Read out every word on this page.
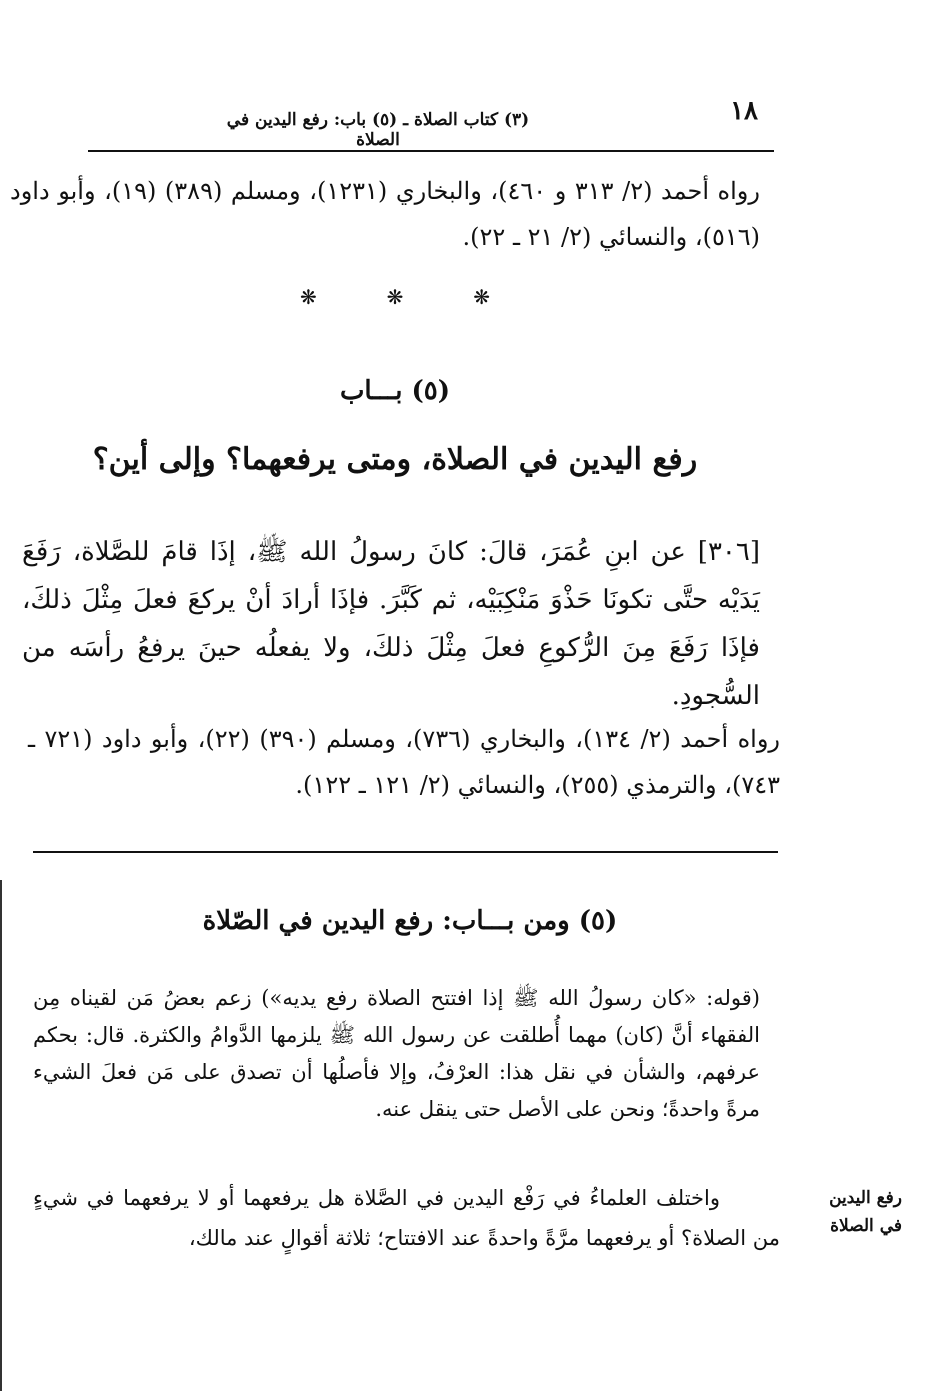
١٨
(٣) كتاب الصلاة ـ (٥) باب: رفع اليدين في الصلاة
رواه أحمد (٢/ ٣١٣ و ٤٦٠)، والبخاري (١٢٣١)، ومسلم (٣٨٩) (١٩)، وأبو داود (٥١٦)، والنسائي (٢/ ٢١ ـ ٢٢).
❋
❋
❋
(٥) بـــاب
رفع اليدين في الصلاة، ومتى يرفعهما؟ وإلى أين؟
[٣٠٦] عن ابنِ عُمَرَ، قالَ: كانَ رسولُ الله ﷺ، إذَا قامَ للصَّلاة، رَفَعَ يَدَيْه حتَّى تكونَا حَذْوَ مَنْكِبَيْه، ثم كَبَّرَ. فإذَا أرادَ أنْ يركعَ فعلَ مِثْلَ ذلكَ، فإذَا رَفَعَ مِنَ الرُّكوعِ فعلَ مِثْلَ ذلكَ، ولا يفعلُه حينَ يرفعُ رأسَه من السُّجودِ.
رواه أحمد (٢/ ١٣٤)، والبخاري (٧٣٦)، ومسلم (٣٩٠) (٢٢)، وأبو داود (٧٢١ ـ ٧٤٣)، والترمذي (٢٥٥)، والنسائي (٢/ ١٢١ ـ ١٢٢).
(٥) ومن بـــاب: رفع اليدين في الصّلاة
(قوله: «كان رسولُ الله ﷺ إذا افتتح الصلاة رفع يديه») زعم بعضُ مَن لقيناه مِن الفقهاء أنَّ (كان) مهما أُطلقت عن رسول الله ﷺ يلزمها الدَّوامُ والكثرة. قال: بحكم عرفهم، والشأن في نقل هذا: العرْفُ، وإلا فأصلُها أن تصدق على مَن فعلَ الشيء مرةً واحدةً؛ ونحن على الأصل حتى ينقل عنه.
واختلف العلماءُ في رَفْع اليدين في الصَّلاة هل يرفعهما أو لا يرفعهما في شيءٍ من الصلاة؟ أو يرفعهما مرَّةً واحدةً عند الافتتاح؛ ثلاثة أقوالٍ عند مالك،
رفع اليدين في الصلاة
